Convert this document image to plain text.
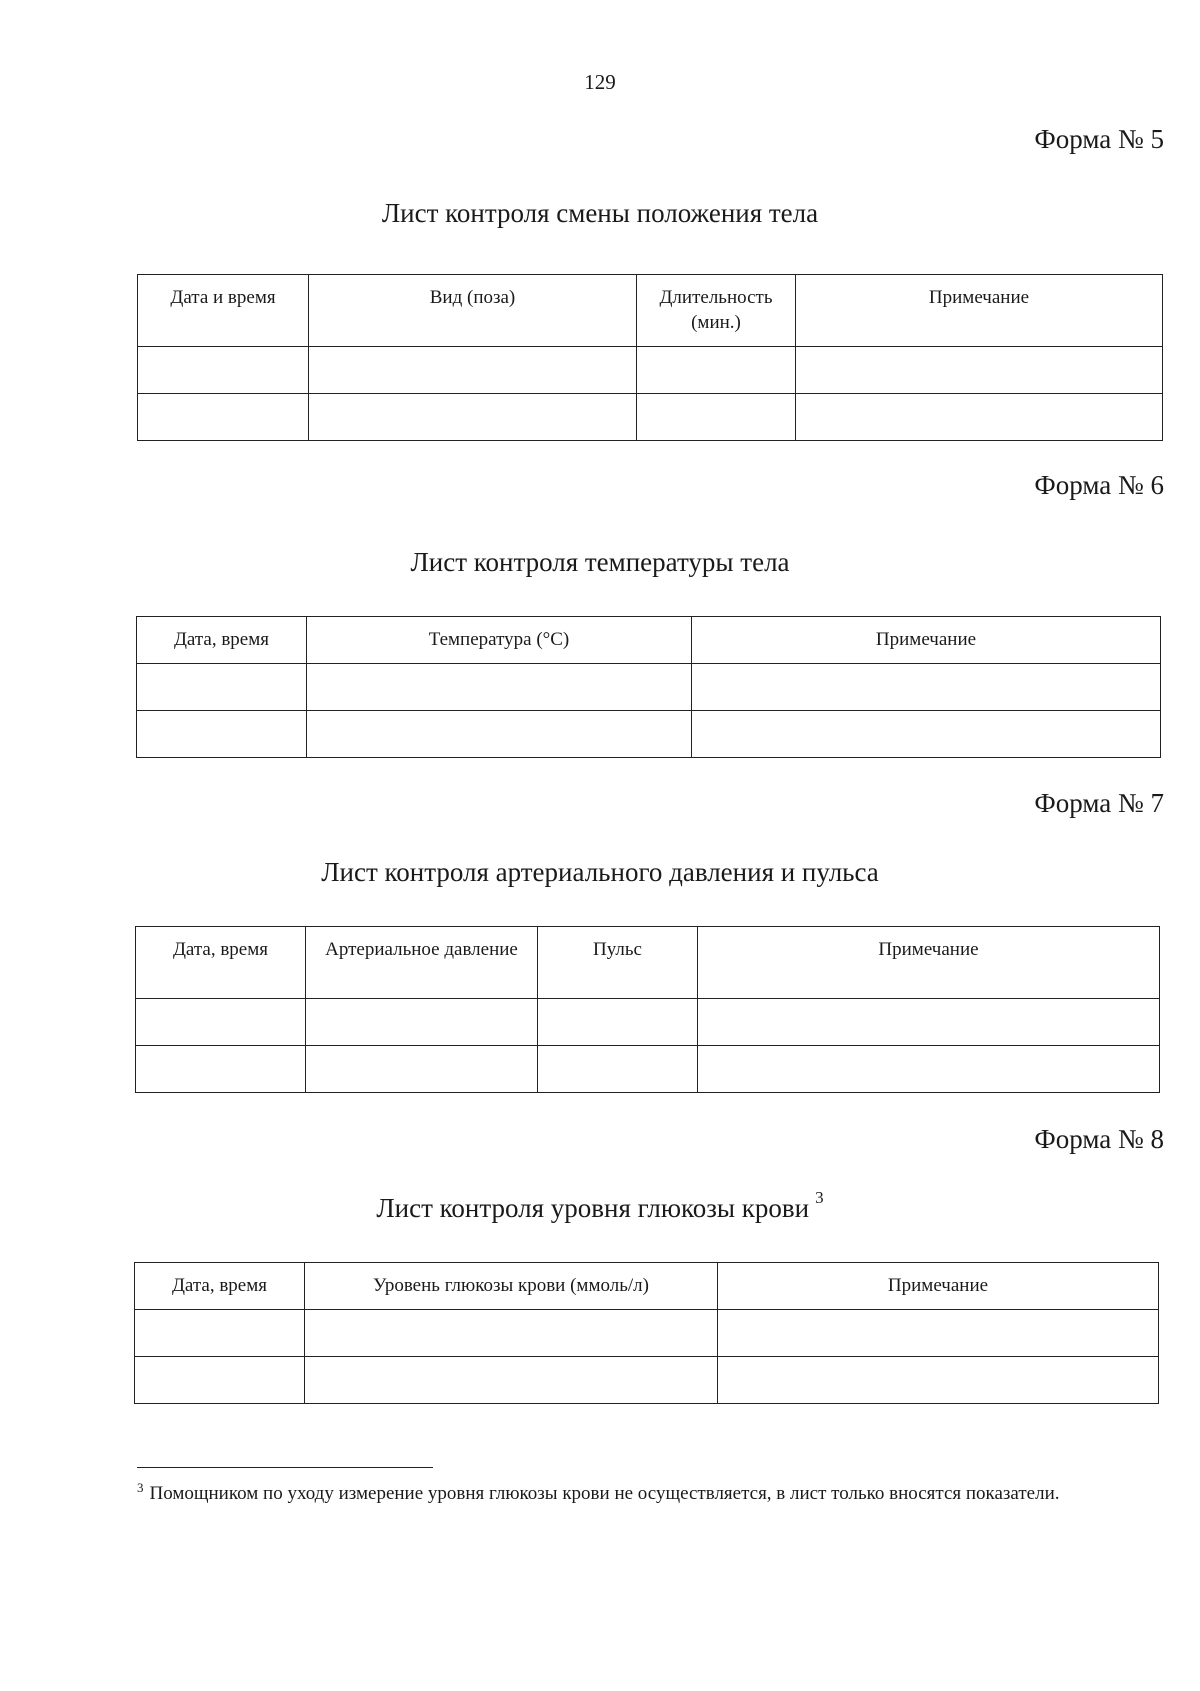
129
Форма № 5
Лист контроля смены положения тела
Дата и время	Вид (поза)	Длительность (мин.)	Примечание

Форма № 6
Лист контроля температуры тела
Дата, время	Температура (°С)	Примечание

Форма № 7
Лист контроля артериального давления и пульса
Дата, время	Артериальное давление	Пульс	Примечание

Форма № 8
Лист контроля уровня глюкозы крови $^3$
Дата, время	Уровень глюкозы крови (ммоль/л)	Примечание

$^3$ Помощником по уходу измерение уровня глюкозы крови не осуществляется, в лист только вносятся показатели.
